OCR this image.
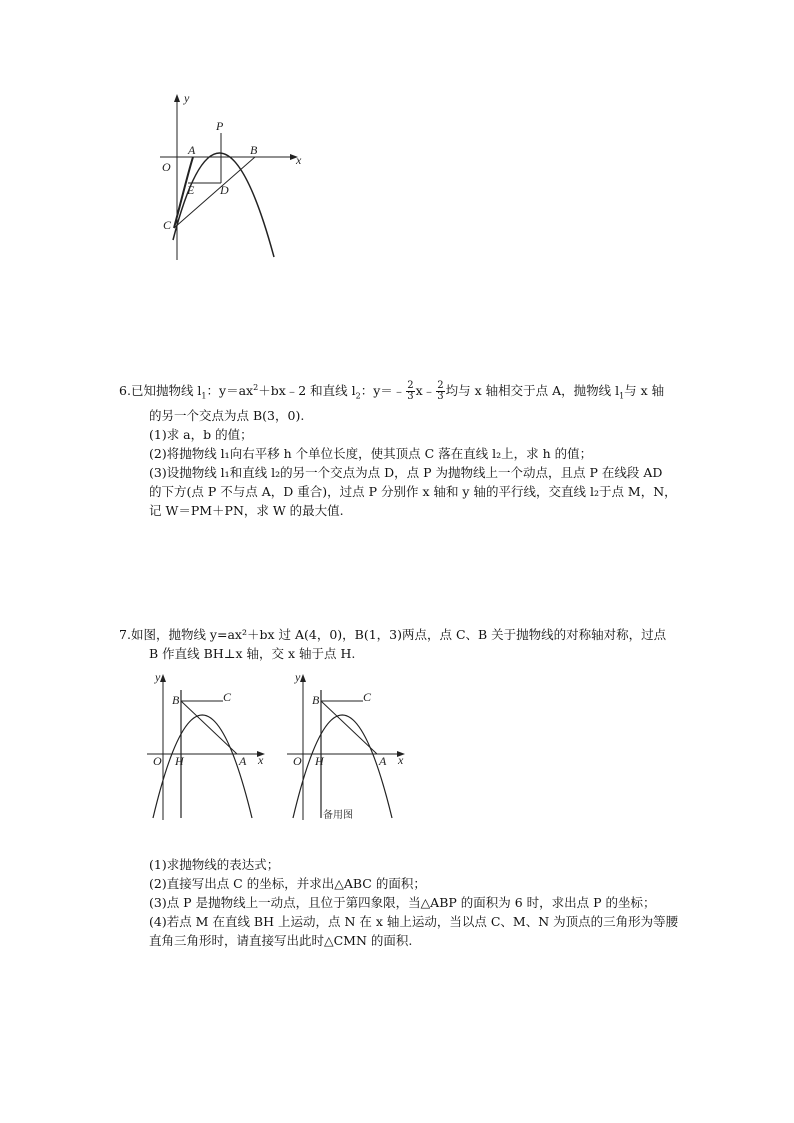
y
x
O
A
P
B
E D
C

6.已知抛物线 $l_1$：$y=ax^2+bx﹣2$ 和直线 $l_2$：y＝﹣ $\frac{2}{3}$ x﹣ $\frac{2}{3}$ 均与 x 轴相交于点 A，抛物线 $l_1$与 x 轴

的另一个交点为点 B(3，0).

(1)求 a，b 的值；

(2)将抛物线 l₁向右平移 h 个单位长度，使其顶点 C 落在直线 l₂上，求 h 的值；

(3)设抛物线 l₁和直线 l₂的另一个交点为点 D，点 P 为抛物线上一个动点，且点 P 在线段 AD

的下方(点 P 不与点 A，D 重合)，过点 P 分别作 x 轴和 y 轴的平行线，交直线 l₂于点 M，N，

记 W＝PM＋PN，求 W 的最大值.

7.如图，抛物线 y=ax²＋bx 过 A(4，0)，B(1，3)两点，点 C、B 关于抛物线的对称轴对称，过点

B 作直线 BH⊥x 轴，交 x 轴于点 H.

y
B	C
O H	A x
y
B	C
O H	A x
备用图

(1)求抛物线的表达式；

(2)直接写出点 C 的坐标，并求出△ABC 的面积；

(3)点 P 是抛物线上一动点，且位于第四象限，当△ABP 的面积为 6 时，求出点 P 的坐标；

(4)若点 M 在直线 BH 上运动，点 N 在 x 轴上运动，当以点 C、M、N 为顶点的三角形为等腰

直角三角形时，请直接写出此时△CMN 的面积.
